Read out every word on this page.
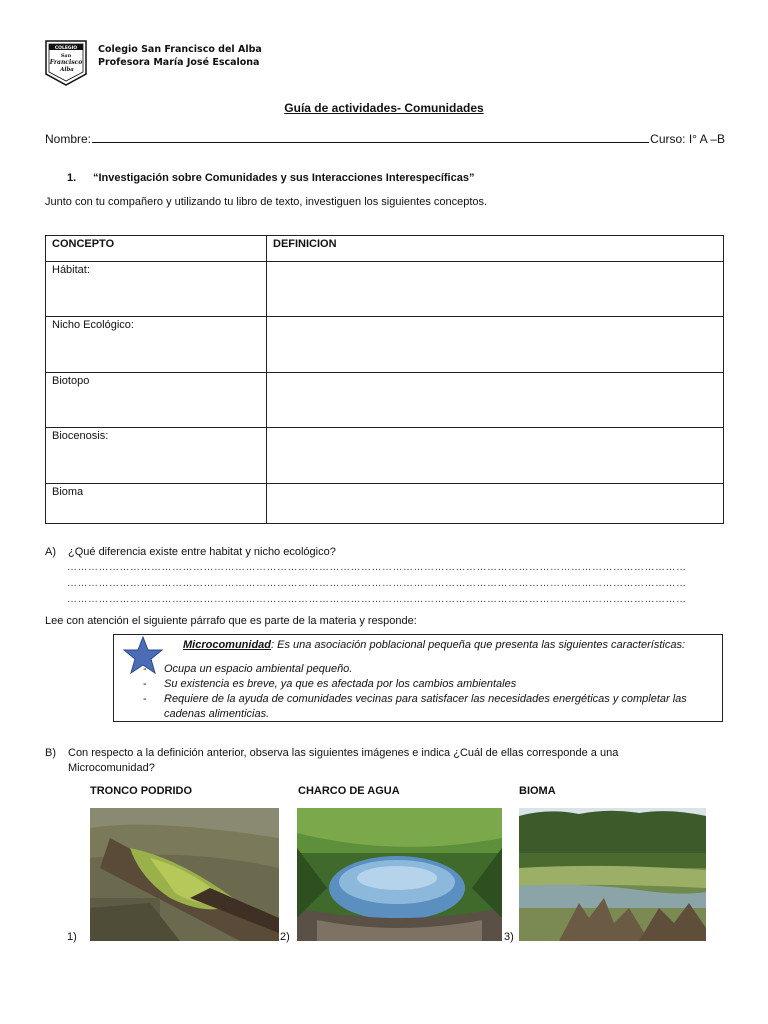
COLEGIO
San
Francisco
Alba
Colegio San Francisco del Alba
Profesora María José Escalona
Guía de actividades- Comunidades
Nombre:	Curso: I° A –B
1. “Investigación sobre Comunidades y sus Interacciones Interespecíficas”
Junto con tu compañero y utilizando tu libro de texto, investiguen los siguientes conceptos.
CONCEPTO	DEFINICION
Hábitat:	
Nicho Ecológico:	
Biotopo	
Biocenosis:	
Bioma	
A) ¿Qué diferencia existe entre habitat y nicho ecológico?
……………………………………………………………………………………………………………………………………………………………
……………………………………………………………………………………………………………………………………………………………
……………………………………………………………………………………………………………………………………………………………
Lee con atención el siguiente párrafo que es parte de la materia y responde:
Microcomunidad: Es una asociación poblacional pequeña que presenta las siguientes características:
-	Ocupa un espacio ambiental pequeño.
-	Su existencia es breve, ya que es afectada por los cambios ambientales
-	Requiere de la ayuda de comunidades vecinas para satisfacer las necesidades energéticas y completar las cadenas alimenticias.
B) Con respecto a la definición anterior, observa las siguientes imágenes e indica ¿Cuál de ellas corresponde a una Microcomunidad?
TRONCO PODRIDO	CHARCO DE AGUA	BIOMA
1)	2)	3)
